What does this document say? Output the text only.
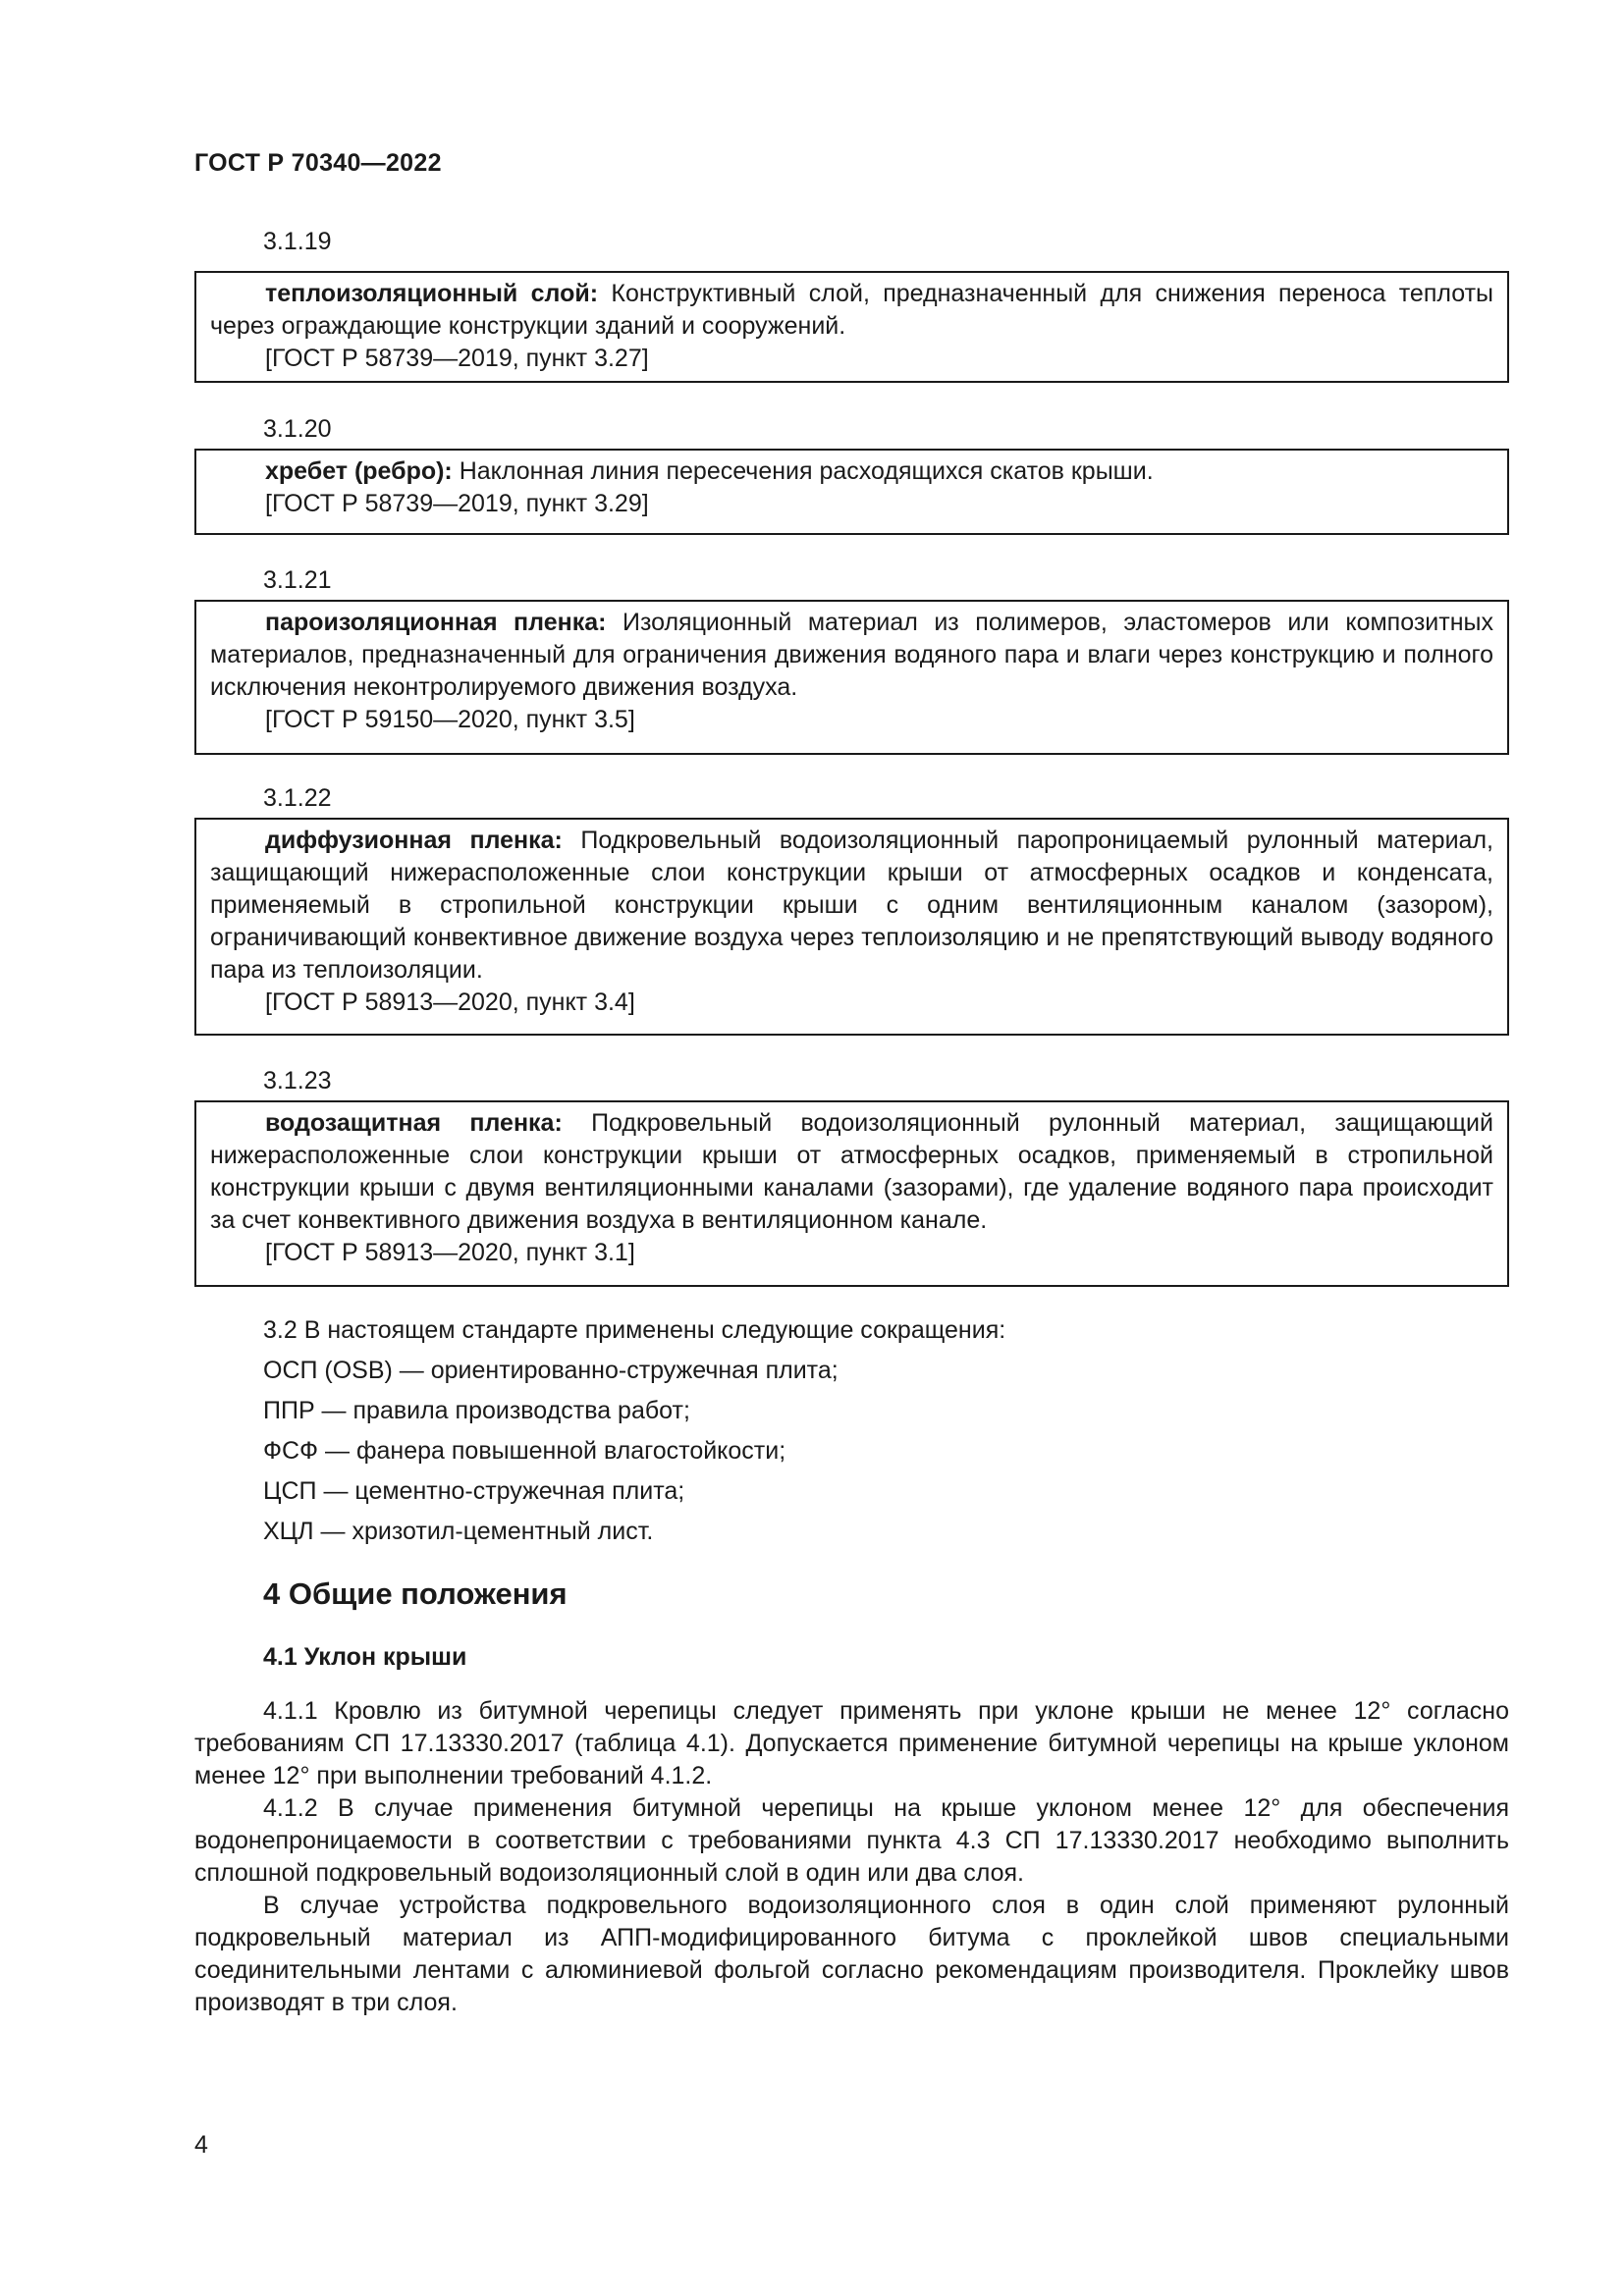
ГОСТ Р 70340—2022
3.1.19

теплоизоляционный слой: Конструктивный слой, предназначенный для снижения переноса теплоты через ограждающие конструкции зданий и сооружений.

[ГОСТ Р 58739—2019, пункт 3.27]
3.1.20

хребет (ребро): Наклонная линия пересечения расходящихся скатов крыши.

[ГОСТ Р 58739—2019, пункт 3.29]
3.1.21

пароизоляционная пленка: Изоляционный материал из полимеров, эластомеров или композитных материалов, предназначенный для ограничения движения водяного пара и влаги через конструкцию и полного исключения неконтролируемого движения воздуха.

[ГОСТ Р 59150—2020, пункт 3.5]
3.1.22

диффузионная пленка: Подкровельный водоизоляционный паропроницаемый рулонный материал, защищающий нижерасположенные слои конструкции крыши от атмосферных осадков и конденсата, применяемый в стропильной конструкции крыши с одним вентиляционным каналом (зазором), ограничивающий конвективное движение воздуха через теплоизоляцию и не препятствующий выводу водяного пара из теплоизоляции.

[ГОСТ Р 58913—2020, пункт 3.4]
3.1.23

водозащитная пленка: Подкровельный водоизоляционный рулонный материал, защищающий нижерасположенные слои конструкции крыши от атмосферных осадков, применяемый в стропильной конструкции крыши с двумя вентиляционными каналами (зазорами), где удаление водяного пара происходит за счет конвективного движения воздуха в вентиляционном канале.

[ГОСТ Р 58913—2020, пункт 3.1]
3.2 В настоящем стандарте применены следующие сокращения:
ОСП (OSB) — ориентированно-стружечная плита;
ППР — правила производства работ;
ФСФ — фанера повышенной влагостойкости;
ЦСП — цементно-стружечная плита;
ХЦЛ — хризотил-цементный лист.
4 Общие положения
4.1 Уклон крыши

4.1.1 Кровлю из битумной черепицы следует применять при уклоне крыши не менее 12° согласно требованиям СП 17.13330.2017 (таблица 4.1). Допускается применение битумной черепицы на крыше уклоном менее 12° при выполнении требований 4.1.2.

4.1.2 В случае применения битумной черепицы на крыше уклоном менее 12° для обеспечения водонепроницаемости в соответствии с требованиями пункта 4.3 СП 17.13330.2017 необходимо выполнить сплошной подкровельный водоизоляционный слой в один или два слоя.

В случае устройства подкровельного водоизоляционного слоя в один слой применяют рулонный подкровельный материал из АПП-модифицированного битума с проклейкой швов специальными соединительными лентами с алюминиевой фольгой согласно рекомендациям производителя. Проклейку швов производят в три слоя.

4
